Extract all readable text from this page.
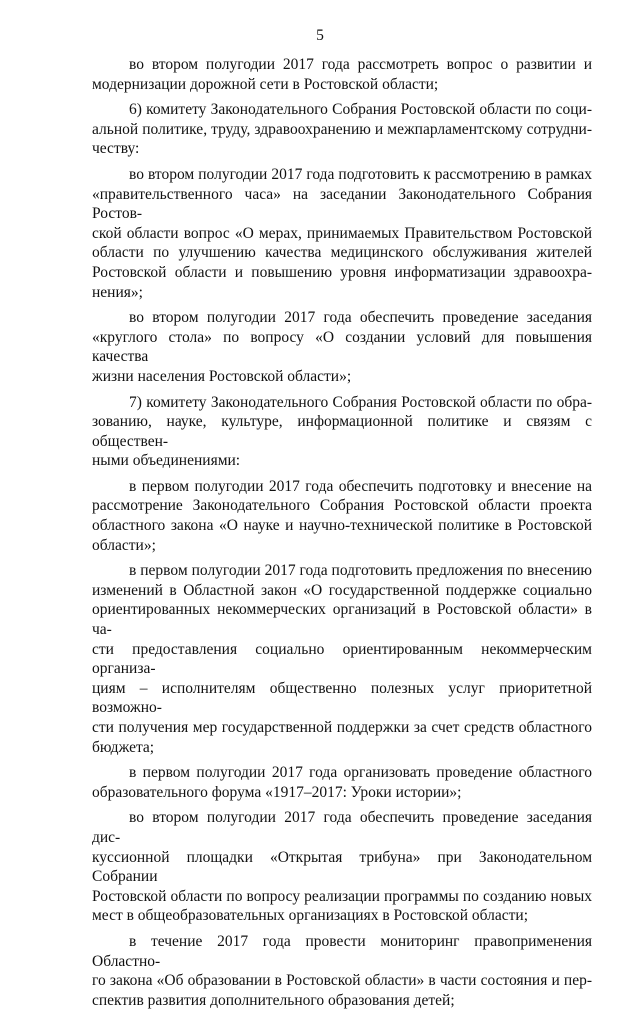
5

во втором полугодии 2017 года рассмотреть вопрос о развитии и
модернизации дорожной сети в Ростовской области;

6) комитету Законодательного Собрания Ростовской области по соци-
альной политике, труду, здравоохранению и межпарламентскому сотрудни-
честву:

во втором полугодии 2017 года подготовить к рассмотрению в рамках
«правительственного часа» на заседании Законодательного Собрания Ростов-
ской области вопрос «О мерах, принимаемых Правительством Ростовской
области по улучшению качества медицинского обслуживания жителей
Ростовской области и повышению уровня информатизации здравоохра-
нения»;

во втором полугодии 2017 года обеспечить проведение заседания
«круглого стола» по вопросу «О создании условий для повышения качества
жизни населения Ростовской области»;

7) комитету Законодательного Собрания Ростовской области по обра-
зованию, науке, культуре, информационной политике и связям с обществен-
ными объединениями:

в первом полугодии 2017 года обеспечить подготовку и внесение на
рассмотрение Законодательного Собрания Ростовской области проекта
областного закона «О науке и научно-технической политике в Ростовской
области»;

в первом полугодии 2017 года подготовить предложения по внесению
изменений в Областной закон «О государственной поддержке социально
ориентированных некоммерческих организаций в Ростовской области» в ча-
сти предоставления социально ориентированным некоммерческим организа-
циям – исполнителям общественно полезных услуг приоритетной возможно-
сти получения мер государственной поддержки за счет средств областного
бюджета;

в первом полугодии 2017 года организовать проведение областного
образовательного форума «1917–2017: Уроки истории»;

во втором полугодии 2017 года обеспечить проведение заседания дис-
куссионной площадки «Открытая трибуна» при Законодательном Собрании
Ростовской области по вопросу реализации программы по созданию новых
мест в общеобразовательных организациях в Ростовской области;

в течение 2017 года провести мониторинг правоприменения Областно-
го закона «Об образовании в Ростовской области» в части состояния и пер-
спектив развития дополнительного образования детей;
